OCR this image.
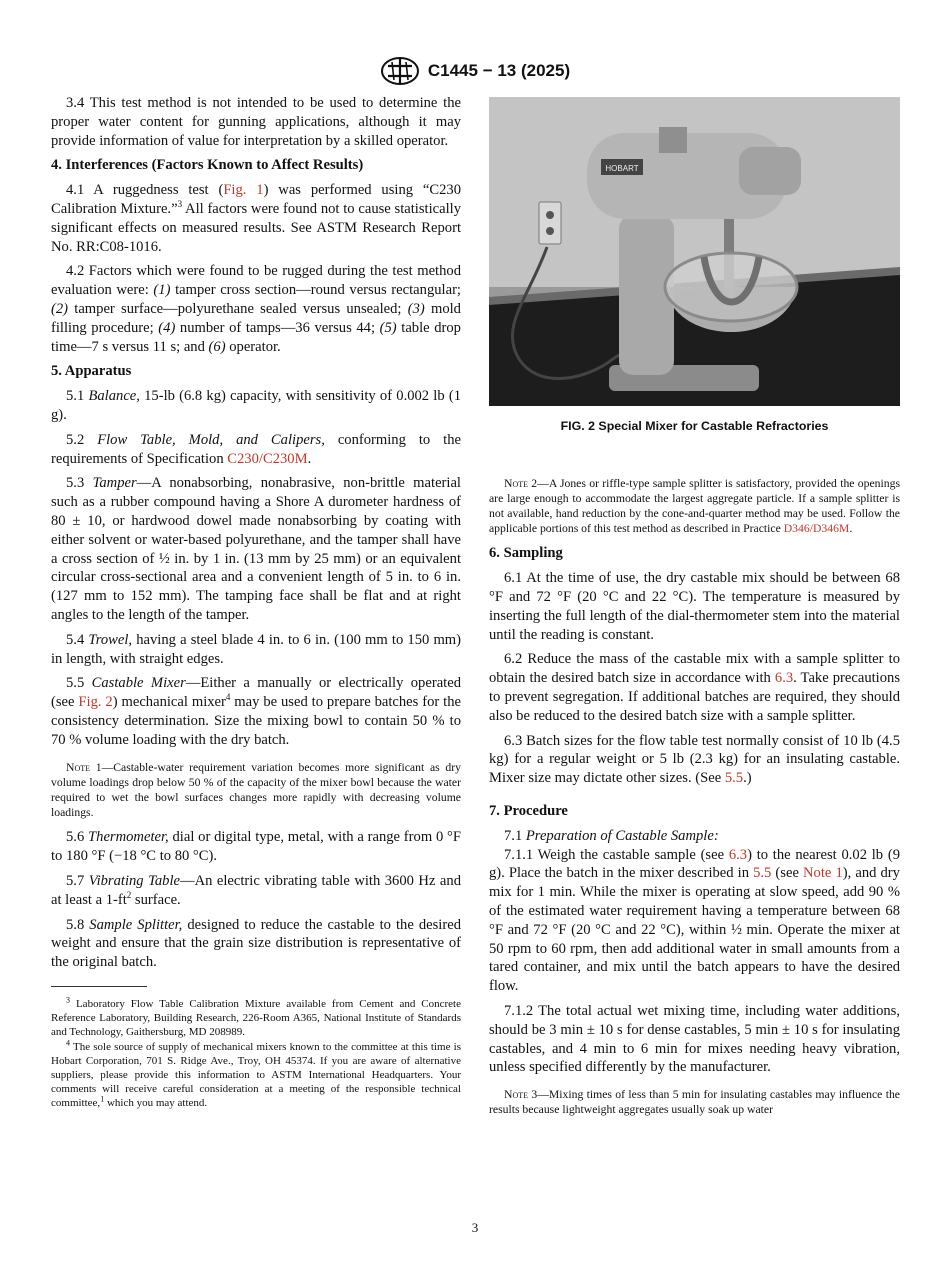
C1445 − 13 (2025)

3.4 This test method is not intended to be used to determine the proper water content for gunning applications, although it may provide information of value for interpretation by a skilled operator.

4. Interferences (Factors Known to Affect Results)

4.1 A ruggedness test (Fig. 1) was performed using “C230 Calibration Mixture.”$^3$ All factors were found not to cause statistically significant effects on measured results. See ASTM Research Report No. RR:C08-1016.

4.2 Factors which were found to be rugged during the test method evaluation were: (1) tamper cross section—round versus rectangular; (2) tamper surface—polyurethane sealed versus unsealed; (3) mold filling procedure; (4) number of tamps—36 versus 44; (5) table drop time—7 s versus 11 s; and (6) operator.

5. Apparatus

5.1 Balance, 15-lb (6.8 kg) capacity, with sensitivity of 0.002 lb (1 g).

5.2 Flow Table, Mold, and Calipers, conforming to the requirements of Specification C230/C230M.

5.3 Tamper—A nonabsorbing, nonabrasive, non-brittle material such as a rubber compound having a Shore A durometer hardness of 80 ± 10, or hardwood dowel made nonabsorbing by coating with either solvent or water-based polyurethane, and the tamper shall have a cross section of ½ in. by 1 in. (13 mm by 25 mm) or an equivalent circular cross-sectional area and a convenient length of 5 in. to 6 in. (127 mm to 152 mm). The tamping face shall be flat and at right angles to the length of the tamper.

5.4 Trowel, having a steel blade 4 in. to 6 in. (100 mm to 150 mm) in length, with straight edges.

5.5 Castable Mixer—Either a manually or electrically operated (see Fig. 2) mechanical mixer$^4$ may be used to prepare batches for the consistency determination. Size the mixing bowl to contain 50 % to 70 % volume loading with the dry batch.

Note 1—Castable-water requirement variation becomes more significant as dry volume loadings drop below 50 % of the capacity of the mixer bowl because the water required to wet the bowl surfaces changes more rapidly with decreasing volume loadings.

5.6 Thermometer, dial or digital type, metal, with a range from 0 °F to 180 °F (−18 °C to 80 °C).

5.7 Vibrating Table—An electric vibrating table with 3600 Hz and at least a $1-ft^2$ surface.

5.8 Sample Splitter, designed to reduce the castable to the desired weight and ensure that the grain size distribution is representative of the original batch.

$^3$ Laboratory Flow Table Calibration Mixture available from Cement and Concrete Reference Laboratory, Building Research, 226-Room A365, National Institute of Standards and Technology, Gaithersburg, MD 208989.

$^4$ The sole source of supply of mechanical mixers known to the committee at this time is Hobart Corporation, 701 S. Ridge Ave., Troy, OH 45374. If you are aware of alternative suppliers, please provide this information to ASTM International Headquarters. Your comments will receive careful consideration at a meeting of the responsible technical committee,$^1$ which you may attend.

HOBART
FIG. 2 Special Mixer for Castable Refractories

Note 2—A Jones or riffle-type sample splitter is satisfactory, provided the openings are large enough to accommodate the largest aggregate particle. If a sample splitter is not available, hand reduction by the cone-and-quarter method may be used. Follow the applicable portions of this test method as described in Practice D346/D346M.

6. Sampling

6.1 At the time of use, the dry castable mix should be between 68 °F and 72 °F (20 °C and 22 °C). The temperature is measured by inserting the full length of the dial-thermometer stem into the material until the reading is constant.

6.2 Reduce the mass of the castable mix with a sample splitter to obtain the desired batch size in accordance with 6.3. Take precautions to prevent segregation. If additional batches are required, they should also be reduced to the desired batch size with a sample splitter.

6.3 Batch sizes for the flow table test normally consist of 10 lb (4.5 kg) for a regular weight or 5 lb (2.3 kg) for an insulating castable. Mixer size may dictate other sizes. (See 5.5.)

7. Procedure

7.1 Preparation of Castable Sample:

7.1.1 Weigh the castable sample (see 6.3) to the nearest 0.02 lb (9 g). Place the batch in the mixer described in 5.5 (see Note 1), and dry mix for 1 min. While the mixer is operating at slow speed, add 90 % of the estimated water requirement having a temperature between 68 °F and 72 °F (20 °C and 22 °C), within ½ min. Operate the mixer at 50 rpm to 60 rpm, then add additional water in small amounts from a tared container, and mix until the batch appears to have the desired flow.

7.1.2 The total actual wet mixing time, including water additions, should be 3 min ± 10 s for dense castables, 5 min ± 10 s for insulating castables, and 4 min to 6 min for mixes needing heavy vibration, unless specified differently by the manufacturer.

Note 3—Mixing times of less than 5 min for insulating castables may influence the results because lightweight aggregates usually soak up water

3
